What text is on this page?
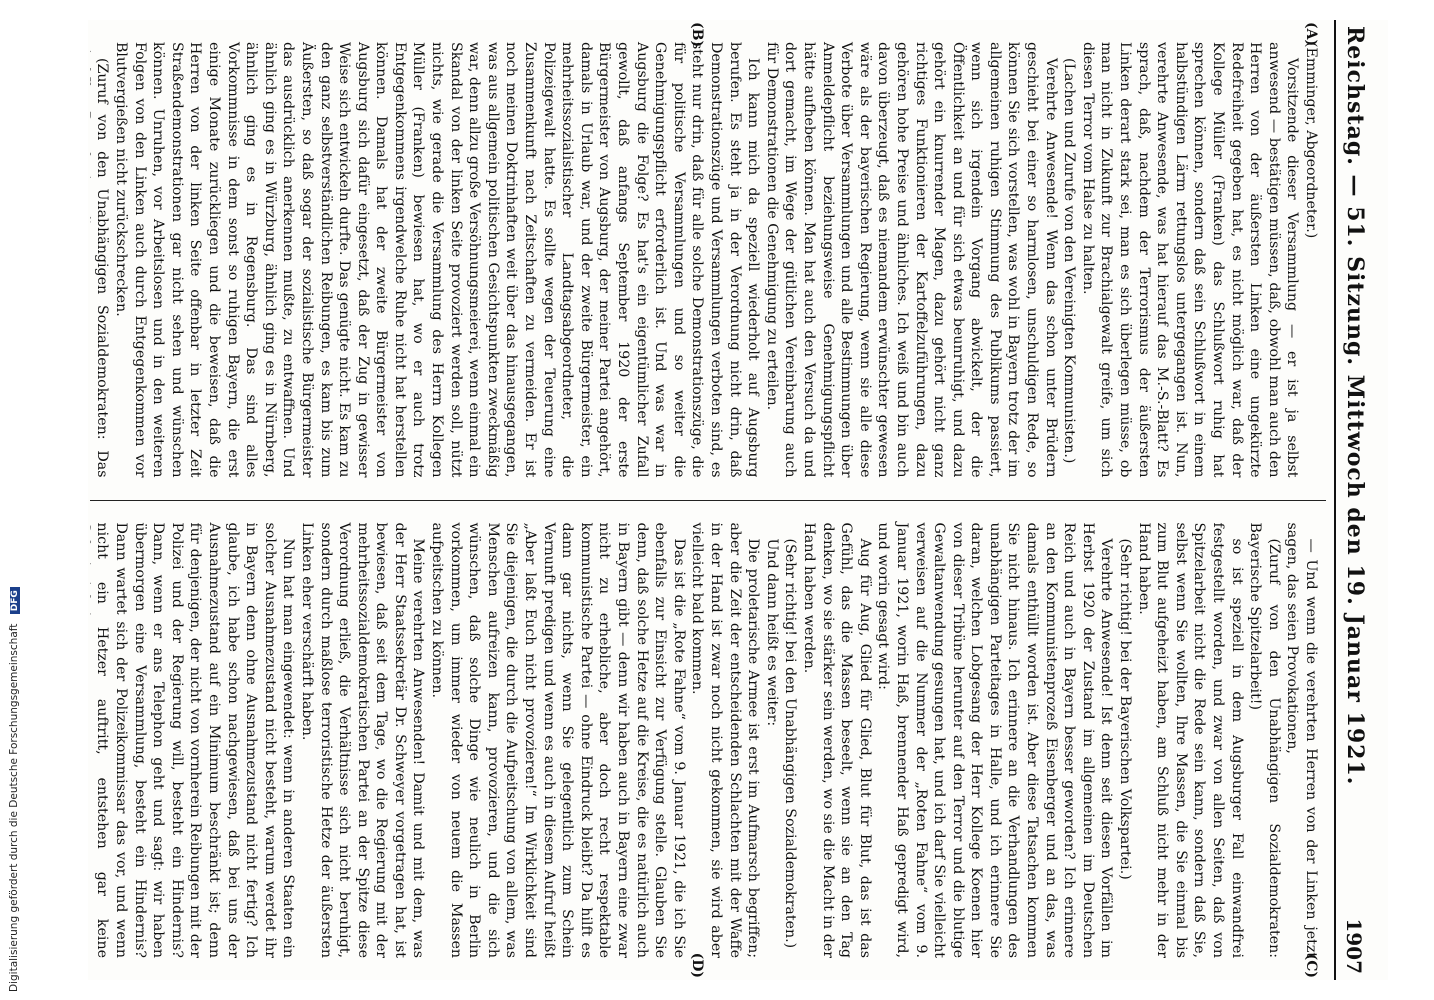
Digitalisierung gefördert durch die Deutsche Forschungsgemeinschaft DFG	Reichstag. — 51. Sitzung. Mittwoch den 19. Januar 1921.
1907
(A)
(B)

(Emminger, Abgeordneter.)

Vorsitzende dieser Versammlung — er ist ja selbst anwesend — bestätigen müssen, daß, obwohl man auch den Herren von der äußersten Linken eine ungekürzte Redefreiheit gegeben hat, es nicht möglich war, daß der Kollege Müller (Franken) das Schlußwort ruhig hat sprechen können, sondern daß sein Schlußwort in einem halbstündigen Lärm rettungslos untergegangen ist. Nun, verehrte Anwesende, was hat hierauf das M.-S.-Blatt? Es sprach, daß, nachdem der Terrorismus der äußersten Linken derart stark sei, man es sich überlegen müsse, ob man nicht in Zukunft zur Brachialgewalt greife, um sich diesen Terror vom Halse zu halten.

(Lachen und Zurufe von den Vereinigten Kommunisten.)

Verehrte Anwesende! Wenn das schon unter Brüdern geschieht bei einer so harmlosen, unschuldigen Rede, so können Sie sich vorstellen, was wohl in Bayern trotz der im allgemeinen ruhigen Stimmung des Publikums passiert, wenn sich irgendein Vorgang abwickelt, der die Öffentlichkeit an und für sich etwas beunruhigt, und dazu gehört ein knurrender Magen, dazu gehört nicht ganz richtiges Funktionieren der Kartoffelzuführungen, dazu gehören hohe Preise und ähnliches. Ich weiß und bin auch davon überzeugt, daß es niemandem erwünschter gewesen wäre als der bayerischen Regierung, wenn sie alle diese Verbote über Versammlungen und alle Bestimmungen über Anmeldepflicht beziehungsweise Genehmigungspflicht hätte aufheben können. Man hat auch den Versuch da und dort gemacht, im Wege der gütlichen Vereinbarung auch für Demonstrationen die Genehmigung zu erteilen.

Ich kann mich da speziell wiederholt auf Augsburg berufen. Es steht ja in der Verordnung nicht drin, daß Demonstrationszüge und Versammlungen verboten sind, es steht nur drin, daß für alle solche Demonstrationszüge, die für politische Versammlungen und so weiter die Genehmigungspflicht erforderlich ist. Und was war in Augsburg die Folge? Es hat's ein eigentümlicher Zufall gewollt, daß anfangs September 1920 der erste Bürgermeister von Augsburg, der meiner Partei angehört, damals in Urlaub war, und der zweite Bürgermeister, ein mehrheitssozialistischer Landtagsabgeordneter, die Polizeigewalt hatte. Es sollte wegen der Teuerung eine Zusammenkunft nach Zeitschaften zu vermeiden. Er ist noch meinen Doktrinhaften weit über das hinausgegangen, was aus allgemein politischen Gesichtspunkten zweckmäßig war, denn allzu große Versöhnungsmeierei, wenn einmal ein Skandal von der linken Seite provoziert werden soll, nützt nichts, wie gerade die Versammlung des Herrn Kollegen Müller (Franken) bewiesen hat, wo er auch trotz Entgegenkommens irgendwelche Ruhe nicht hat herstellen können. Damals hat der zweite Bürgermeister von Augsburg sich dafür eingesetzt, daß der Zug in gewisser Weise sich entwickeln durfte. Das genügte nicht. Es kam zu den ganz selbstverständlichen Reibungen, es kam bis zum Äußersten, so daß sogar der sozialistische Bürgermeister das ausdrücklich anerkennen mußte, zu entwaffnen. Und ähnlich ging es in Würzburg, ähnlich ging es in Nürnberg, ähnlich ging es in Regensburg. Das sind alles Vorkommnisse in dem sonst so ruhigen Bayern, die erst einige Monate zurückliegen und die beweisen, daß die Herren von der linken Seite offenbar in letzter Zeit Straßendemonstrationen gar nicht sehen und wünschen können. Unruhen, vor Arbeitslosen und in den weiteren Folgen von den Linken auch durch Entgegenkommen vor Blutvergießen nicht zurückschrecken.

(Zuruf von den Unabhängigen Sozialdemokraten: Das

(C)
(D)

— Und wenn die verehrten Herren von der Linken jetzt sagen, das seien Provokationen,

(Zuruf von den Unabhängigen Sozialdemokraten: Bayerische Spitzelarbeit!)

so ist speziell in dem Augsburger Fall einwandfrei festgestellt worden, und zwar von allen Seiten, daß von Spitzelarbeit nicht die Rede sein kann, sondern daß Sie, selbst wenn Sie wollten, Ihre Massen, die Sie einmal bis zum Blut aufgeheizt haben, am Schluß nicht mehr in der Hand haben.

(Sehr richtig! bei der Bayerischen Volkspartei.)

Verehrte Anwesende! Ist denn seit diesen Vorfällen im Herbst 1920 der Zustand im allgemeinen im Deutschen Reich und auch in Bayern besser geworden? Ich erinnere an den Kommunistenprozeß Eisenberger und an das, was damals enthüllt worden ist. Aber diese Tatsachen kommen Sie nicht hinaus. Ich erinnere an die Verhandlungen des unabhängigen Parteitages in Halle, und ich erinnere Sie daran, welchen Lobgesang der Herr Kollege Koenen hier von dieser Tribüne herunter auf den Terror und die blutige Gewaltanwendung gesungen hat, und ich darf Sie vielleicht verweisen auf die Nummer der „Roten Fahne“ vom 9. Januar 1921, worin Haß, brennender Haß gepredigt wird, und worin gesagt wird:

Aug für Aug, Glied für Glied, Blut für Blut, das ist das Gefühl, das die Massen beseelt, wenn sie an den Tag denken, wo sie stärker sein werden, wo sie die Macht in der Hand haben werden.

(Sehr richtig! bei den Unabhängigen Sozialdemokraten.)

Und dann heißt es weiter:

Die proletarische Armee ist erst im Aufmarsch begriffen; aber die Zeit der entscheidenden Schlachten mit der Waffe in der Hand ist zwar noch nicht gekommen, sie wird aber vielleicht bald kommen.

Das ist die „Rote Fahne“ vom 9. Januar 1921, die ich Sie ebenfalls zur Einsicht zur Verfügung stelle. Glauben Sie denn, daß solche Hetze auf die Kreise, die es natürlich auch in Bayern gibt — denn wir haben auch in Bayern eine zwar nicht zu erhebliche, aber doch recht respektable kommunistische Partei — ohne Eindruck bleibt? Da hilft es dann gar nichts, wenn Sie gelegentlich zum Schein Vernunft predigen und wenn es auch in diesem Aufruf heißt „Aber laßt Euch nicht provozieren!“ Im Wirklichkeit sind Sie diejenigen, die durch die Aufpeitschung von allem, was Menschen aufreizen kann, provozieren, und die sich wünschen, daß solche Dinge wie neulich in Berlin vorkommen, um immer wieder von neuem die Massen aufpeitschen zu können.

Meine verehrten Anwesenden! Damit und mit dem, was der Herr Staatssekretär Dr. Schweyer vorgetragen hat, ist bewiesen, daß seit dem Tage, wo die Regierung mit der mehrheitssozialdemokratischen Partei an der Spitze diese Verordnung erließ, die Verhältnisse sich nicht beruhigt, sondern durch maßlose terroristische Hetze der äußersten Linken eher verschärft haben.

Nun hat man eingewendet: wenn in anderen Staaten ein solcher Ausnahmezustand nicht besteht, warum werdet ihr in Bayern denn ohne Ausnahmezustand nicht fertig? Ich glaube, ich habe schon nachgewiesen, daß bei uns der Ausnahmezustand auf ein Minimum beschränkt ist; denn für denjenigen, der nicht von vornherein Reibungen mit der Polizei und der Regierung will, besteht ein Hindernis? Dann, wenn er ans Telephon geht und sagt: wir haben übermorgen eine Versammlung, besteht ein Hindernis? Dann wartet sich der Polizeikommissar das vor, und wenn nicht ein Hetzer auftritt, entstehen gar keine
